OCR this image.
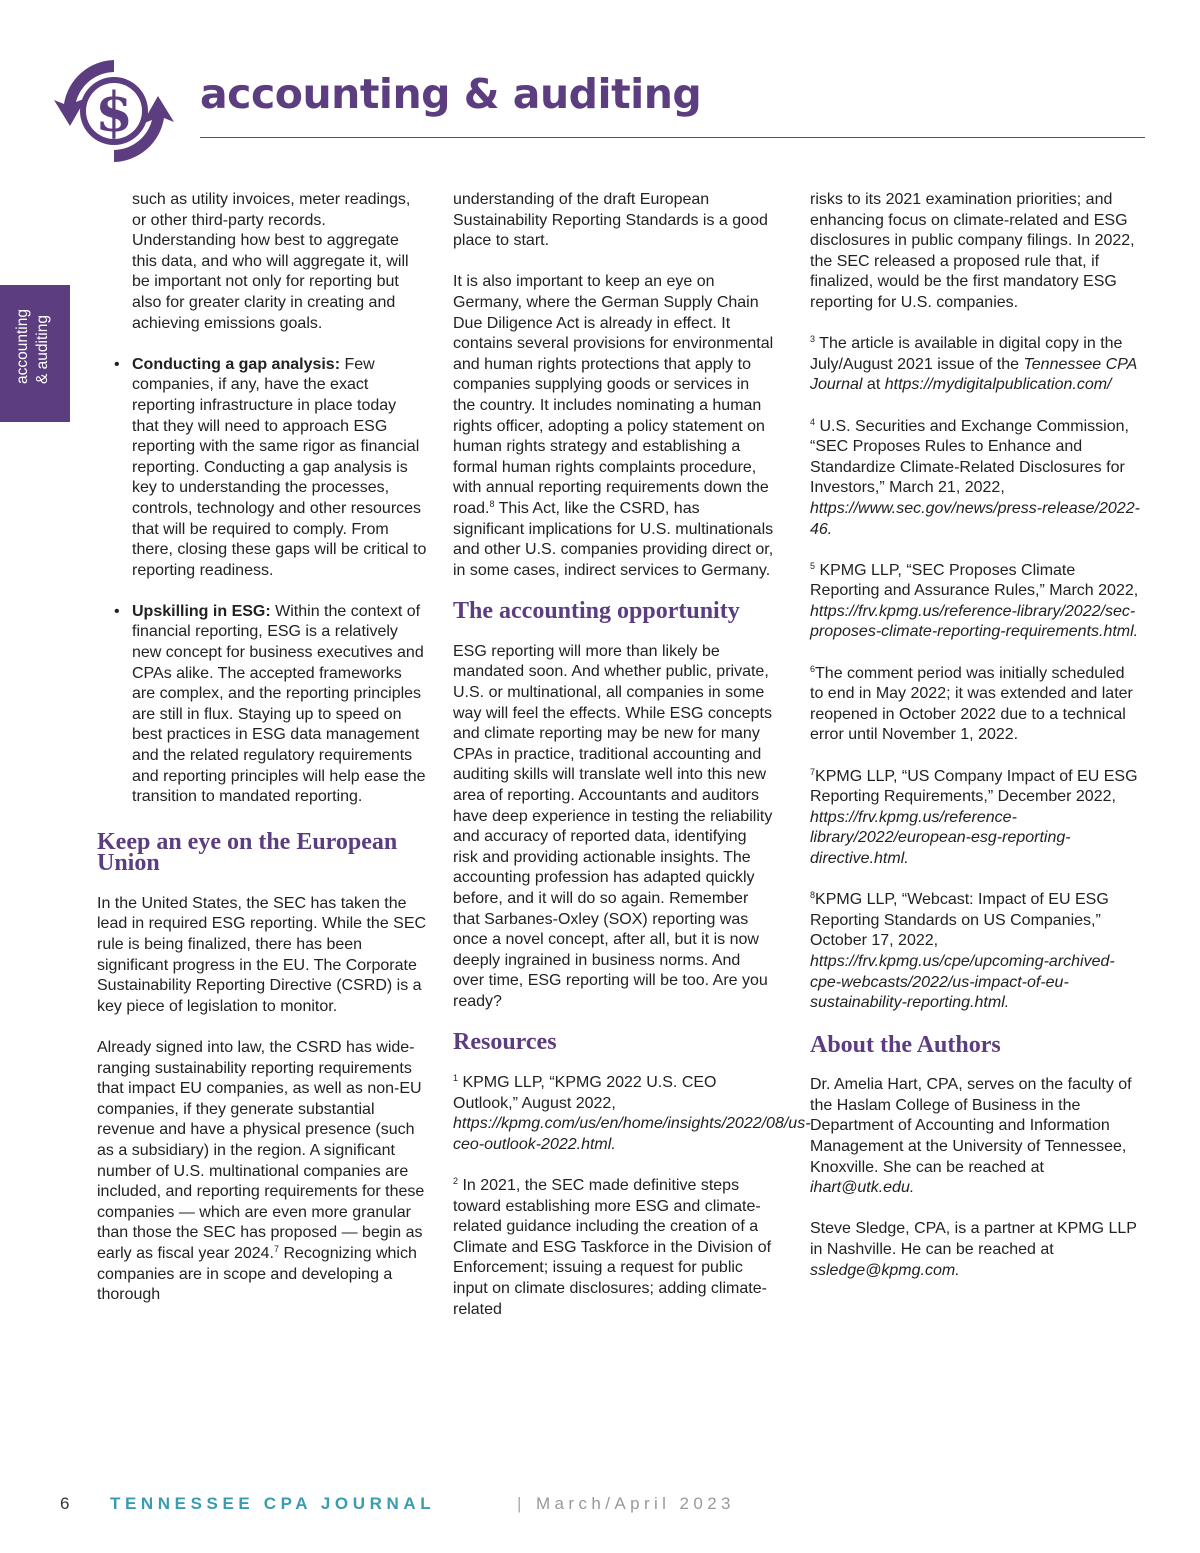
$ accounting & auditing
accounting & auditing

such as utility invoices, meter readings, or other third-party records. Understanding how best to aggregate this data, and who will aggregate it, will be important not only for reporting but also for greater clarity in creating and achieving emissions goals.

• Conducting a gap analysis: Few companies, if any, have the exact reporting infrastructure in place today that they will need to approach ESG reporting with the same rigor as financial reporting. Conducting a gap analysis is key to understanding the processes, controls, technology and other resources that will be required to comply. From there, closing these gaps will be critical to reporting readiness.

• Upskilling in ESG: Within the context of financial reporting, ESG is a relatively new concept for business executives and CPAs alike. The accepted frameworks are complex, and the reporting principles are still in flux. Staying up to speed on best practices in ESG data management and the related regulatory requirements and reporting principles will help ease the transition to mandated reporting.

Keep an eye on the European Union

In the United States, the SEC has taken the lead in required ESG reporting. While the SEC rule is being finalized, there has been significant progress in the EU. The Corporate Sustainability Reporting Directive (CSRD) is a key piece of legislation to monitor.

Already signed into law, the CSRD has wide-ranging sustainability reporting requirements that impact EU companies, as well as non-EU companies, if they generate substantial revenue and have a physical presence (such as a subsidiary) in the region. A significant number of U.S. multinational companies are included, and reporting requirements for these companies — which are even more granular than those the SEC has proposed — begin as early as fiscal year 2024.$^7$ Recognizing which companies are in scope and developing a thorough

understanding of the draft European Sustainability Reporting Standards is a good place to start.

It is also important to keep an eye on Germany, where the German Supply Chain Due Diligence Act is already in effect. It contains several provisions for environmental and human rights protections that apply to companies supplying goods or services in the country. It includes nominating a human rights officer, adopting a policy statement on human rights strategy and establishing a formal human rights complaints procedure, with annual reporting requirements down the road.$^8$ This Act, like the CSRD, has significant implications for U.S. multinationals and other U.S. companies providing direct or, in some cases, indirect services to Germany.

The accounting opportunity

ESG reporting will more than likely be mandated soon. And whether public, private, U.S. or multinational, all companies in some way will feel the effects. While ESG concepts and climate reporting may be new for many CPAs in practice, traditional accounting and auditing skills will translate well into this new area of reporting. Accountants and auditors have deep experience in testing the reliability and accuracy of reported data, identifying risk and providing actionable insights. The accounting profession has adapted quickly before, and it will do so again. Remember that Sarbanes-Oxley (SOX) reporting was once a novel concept, after all, but it is now deeply ingrained in business norms. And over time, ESG reporting will be too. Are you ready?

Resources

$^1$ KPMG LLP, “KPMG 2022 U.S. CEO Outlook,” August 2022, https://kpmg.com/us/en/home/insights/2022/08/us-ceo-outlook-2022.html.

$^2$ In 2021, the SEC made definitive steps toward establishing more ESG and climate-related guidance including the creation of a Climate and ESG Taskforce in the Division of Enforcement; issuing a request for public input on climate disclosures; adding climate-related

risks to its 2021 examination priorities; and enhancing focus on climate-related and ESG disclosures in public company filings. In 2022, the SEC released a proposed rule that, if finalized, would be the first mandatory ESG reporting for U.S. companies.

$^3$ The article is available in digital copy in the July/August 2021 issue of the Tennessee CPA Journal at https://mydigitalpublication.com/

$^4$ U.S. Securities and Exchange Commission, “SEC Proposes Rules to Enhance and Standardize Climate-Related Disclosures for Investors,” March 21, 2022, https://www.sec.gov/news/press-release/2022-46.

$^5$ KPMG LLP, “SEC Proposes Climate Reporting and Assurance Rules,” March 2022, https://frv.kpmg.us/reference-library/2022/sec-proposes-climate-reporting-requirements.html.

$^6$The comment period was initially scheduled to end in May 2022; it was extended and later reopened in October 2022 due to a technical error until November 1, 2022.

$^7$KPMG LLP, “US Company Impact of EU ESG Reporting Requirements,” December 2022, https://frv.kpmg.us/reference-library/2022/european-esg-reporting-directive.html.

$^8$KPMG LLP, “Webcast: Impact of EU ESG Reporting Standards on US Companies,” October 17, 2022, https://frv.kpmg.us/cpe/upcoming-archived-cpe-webcasts/2022/us-impact-of-eu-sustainability-reporting.html.

About the Authors

Dr. Amelia Hart, CPA, serves on the faculty of the Haslam College of Business in the Department of Accounting and Information Management at the University of Tennessee, Knoxville. She can be reached at ihart@utk.edu.

Steve Sledge, CPA, is a partner at KPMG LLP in Nashville. He can be reached at ssledge@kpmg.com.

6 TENNESSEE CPA JOURNAL	| March/April 2023
